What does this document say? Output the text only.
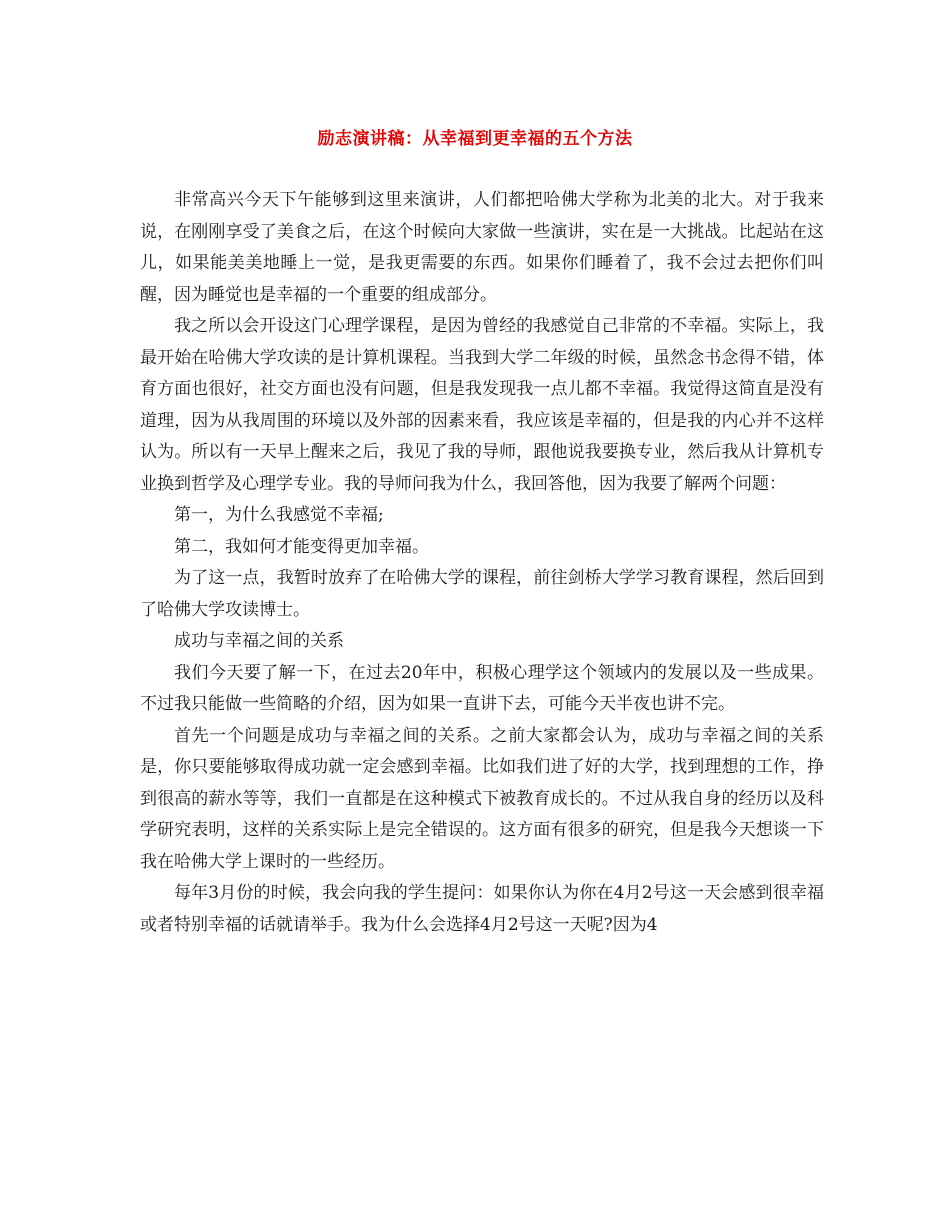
励志演讲稿：从幸福到更幸福的五个方法

非常高兴今天下午能够到这里来演讲，人们都把哈佛大学称为北美的北大。对于我来说，在刚刚享受了美食之后，在这个时候向大家做一些演讲，实在是一大挑战。比起站在这儿，如果能美美地睡上一觉，是我更需要的东西。如果你们睡着了，我不会过去把你们叫醒，因为睡觉也是幸福的一个重要的组成部分。

我之所以会开设这门心理学课程，是因为曾经的我感觉自己非常的不幸福。实际上，我最开始在哈佛大学攻读的是计算机课程。当我到大学二年级的时候，虽然念书念得不错，体育方面也很好，社交方面也没有问题，但是我发现我一点儿都不幸福。我觉得这简直是没有道理，因为从我周围的环境以及外部的因素来看，我应该是幸福的，但是我的内心并不这样认为。所以有一天早上醒来之后，我见了我的导师，跟他说我要换专业，然后我从计算机专业换到哲学及心理学专业。我的导师问我为什么，我回答他，因为我要了解两个问题：

第一，为什么我感觉不幸福;

第二，我如何才能变得更加幸福。

为了这一点，我暂时放弃了在哈佛大学的课程，前往剑桥大学学习教育课程，然后回到了哈佛大学攻读博士。

成功与幸福之间的关系

我们今天要了解一下，在过去20年中，积极心理学这个领域内的发展以及一些成果。不过我只能做一些简略的介绍，因为如果一直讲下去，可能今天半夜也讲不完。

首先一个问题是成功与幸福之间的关系。之前大家都会认为，成功与幸福之间的关系是，你只要能够取得成功就一定会感到幸福。比如我们进了好的大学，找到理想的工作，挣到很高的薪水等等，我们一直都是在这种模式下被教育成长的。不过从我自身的经历以及科学研究表明，这样的关系实际上是完全错误的。这方面有很多的研究，但是我今天想谈一下我在哈佛大学上课时的一些经历。

每年3月份的时候，我会向我的学生提问：如果你认为你在4月2号这一天会感到很幸福或者特别幸福的话就请举手。我为什么会选择4月2号这一天呢?因为4
